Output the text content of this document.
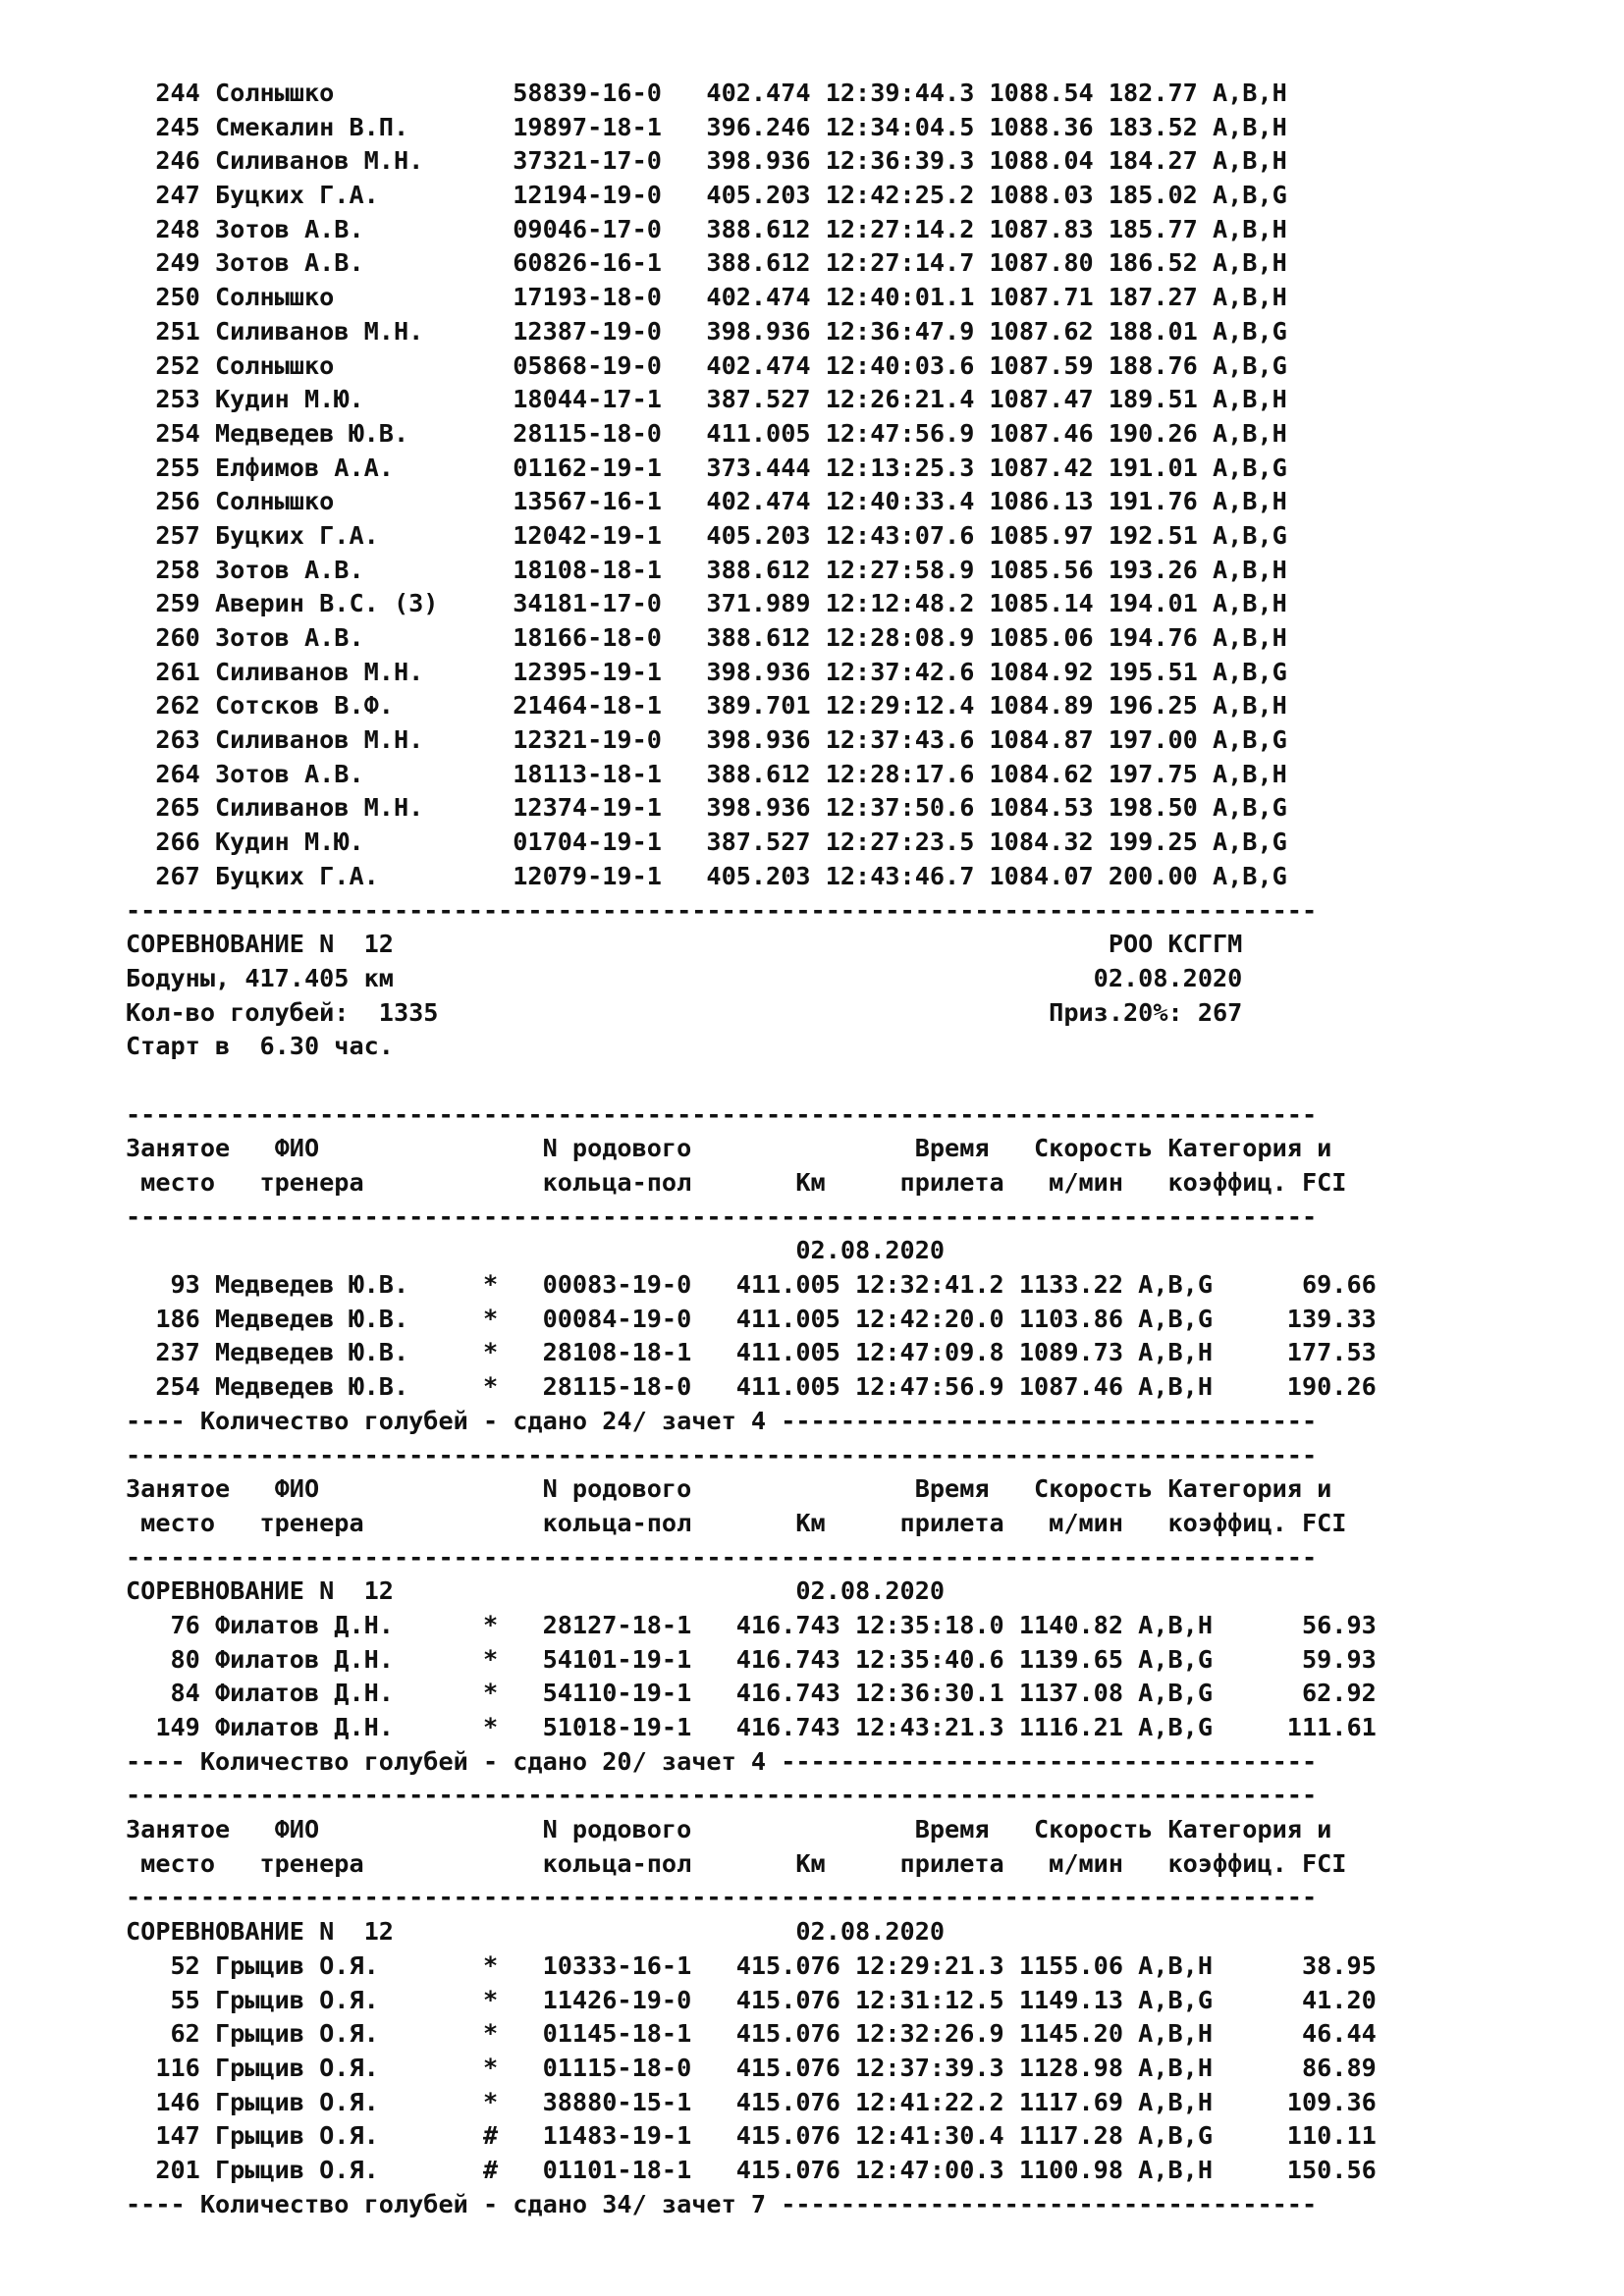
244 Солнышко            58839-16-0   402.474 12:39:44.3 1088.54 182.77 A,B,H
245 Смекалин В.П.       19897-18-1   396.246 12:34:04.5 1088.36 183.52 A,B,H
246 Силиванов М.Н.      37321-17-0   398.936 12:36:39.3 1088.04 184.27 A,B,H
247 Буцких Г.А.         12194-19-0   405.203 12:42:25.2 1088.03 185.02 A,B,G
248 Зотов А.В.          09046-17-0   388.612 12:27:14.2 1087.83 185.77 A,B,H
249 Зотов А.В.          60826-16-1   388.612 12:27:14.7 1087.80 186.52 A,B,H
250 Солнышко            17193-18-0   402.474 12:40:01.1 1087.71 187.27 A,B,H
251 Силиванов М.Н.      12387-19-0   398.936 12:36:47.9 1087.62 188.01 A,B,G
252 Солнышко            05868-19-0   402.474 12:40:03.6 1087.59 188.76 A,B,G
253 Кудин М.Ю.          18044-17-1   387.527 12:26:21.4 1087.47 189.51 A,B,H
254 Медведев Ю.В.       28115-18-0   411.005 12:47:56.9 1087.46 190.26 A,B,H
255 Елфимов А.А.        01162-19-1   373.444 12:13:25.3 1087.42 191.01 A,B,G
256 Солнышко            13567-16-1   402.474 12:40:33.4 1086.13 191.76 A,B,H
257 Буцких Г.А.         12042-19-1   405.203 12:43:07.6 1085.97 192.51 A,B,G
258 Зотов А.В.          18108-18-1   388.612 12:27:58.9 1085.56 193.26 A,B,H
259 Аверин В.С. (З)     34181-17-0   371.989 12:12:48.2 1085.14 194.01 A,B,H
260 Зотов А.В.          18166-18-0   388.612 12:28:08.9 1085.06 194.76 A,B,H
261 Силиванов М.Н.      12395-19-1   398.936 12:37:42.6 1084.92 195.51 A,B,G
262 Сотсков В.Ф.        21464-18-1   389.701 12:29:12.4 1084.89 196.25 A,B,H
263 Силиванов М.Н.      12321-19-0   398.936 12:37:43.6 1084.87 197.00 A,B,G
264 Зотов А.В.          18113-18-1   388.612 12:28:17.6 1084.62 197.75 A,B,H
265 Силиванов М.Н.      12374-19-1   398.936 12:37:50.6 1084.53 198.50 A,B,G
266 Кудин М.Ю.          01704-19-1   387.527 12:27:23.5 1084.32 199.25 A,B,G
267 Буцких Г.А.         12079-19-1   405.203 12:43:46.7 1084.07 200.00 A,B,G
--------------------------------------------------------------------------------
СОРЕВНОВАНИЕ N  12                                                РОО КСГГМ
Бодуны, 417.405 км                                               02.08.2020
Кол-во голубей:  1335                                         Приз.20%: 267
Старт в  6.30 час.
--------------------------------------------------------------------------------
Занятое   ФИО               N родового               Время   Скорость Категория и
место   тренера            кольца-пол       Км     прилета   м/мин   коэффиц. FCI
--------------------------------------------------------------------------------
02.08.2020
93 Медведев Ю.В.     *   00083-19-0   411.005 12:32:41.2 1133.22 A,B,G      69.66
186 Медведев Ю.В.     *   00084-19-0   411.005 12:42:20.0 1103.86 A,B,G     139.33
237 Медведев Ю.В.     *   28108-18-1   411.005 12:47:09.8 1089.73 A,B,H     177.53
254 Медведев Ю.В.     *   28115-18-0   411.005 12:47:56.9 1087.46 A,B,H     190.26
---- Количество голубей - сдано 24/ зачет 4 ------------------------------------
--------------------------------------------------------------------------------
Занятое   ФИО               N родового               Время   Скорость Категория и
место   тренера            кольца-пол       Км     прилета   м/мин   коэффиц. FCI
--------------------------------------------------------------------------------
СОРЕВНОВАНИЕ N  12                           02.08.2020
76 Филатов Д.Н.      *   28127-18-1   416.743 12:35:18.0 1140.82 A,B,H      56.93
80 Филатов Д.Н.      *   54101-19-1   416.743 12:35:40.6 1139.65 A,B,G      59.93
84 Филатов Д.Н.      *   54110-19-1   416.743 12:36:30.1 1137.08 A,B,G      62.92
149 Филатов Д.Н.      *   51018-19-1   416.743 12:43:21.3 1116.21 A,B,G     111.61
---- Количество голубей - сдано 20/ зачет 4 ------------------------------------
--------------------------------------------------------------------------------
Занятое   ФИО               N родового               Время   Скорость Категория и
место   тренера            кольца-пол       Км     прилета   м/мин   коэффиц. FCI
--------------------------------------------------------------------------------
СОРЕВНОВАНИЕ N  12                           02.08.2020
52 Грыцив О.Я.       *   10333-16-1   415.076 12:29:21.3 1155.06 A,B,H      38.95
55 Грыцив О.Я.       *   11426-19-0   415.076 12:31:12.5 1149.13 A,B,G      41.20
62 Грыцив О.Я.       *   01145-18-1   415.076 12:32:26.9 1145.20 A,B,H      46.44
116 Грыцив О.Я.       *   01115-18-0   415.076 12:37:39.3 1128.98 A,B,H      86.89
146 Грыцив О.Я.       *   38880-15-1   415.076 12:41:22.2 1117.69 A,B,H     109.36
147 Грыцив О.Я.       #   11483-19-1   415.076 12:41:30.4 1117.28 A,B,G     110.11
201 Грыцив О.Я.       #   01101-18-1   415.076 12:47:00.3 1100.98 A,B,H     150.56
---- Количество голубей - сдано 34/ зачет 7 ------------------------------------
